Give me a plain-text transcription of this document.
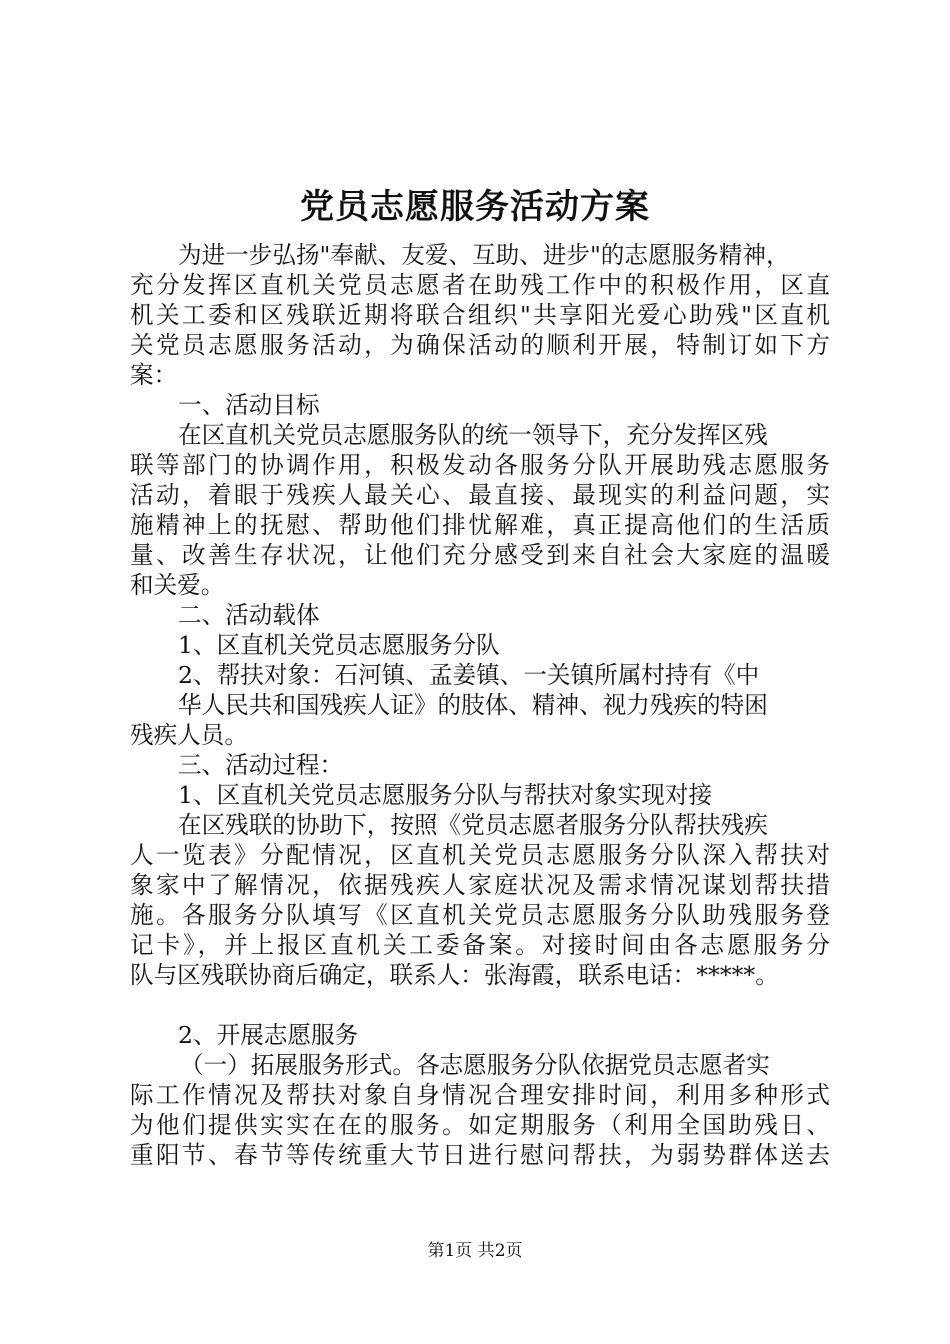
党员志愿服务活动方案
为进一步弘扬"奉献、友爱、互助、进步"的志愿服务精神，
充分发挥区直机关党员志愿者在助残工作中的积极作用，区直
机关工委和区残联近期将联合组织"共享阳光爱心助残"区直机
关党员志愿服务活动，为确保活动的顺利开展，特制订如下方
案：
一、活动目标
在区直机关党员志愿服务队的统一领导下，充分发挥区残
联等部门的协调作用，积极发动各服务分队开展助残志愿服务
活动，着眼于残疾人最关心、最直接、最现实的利益问题，实
施精神上的抚慰、帮助他们排忧解难，真正提高他们的生活质
量、改善生存状况，让他们充分感受到来自社会大家庭的温暖
和关爱。
二、活动载体
1、区直机关党员志愿服务分队
2、帮扶对象：石河镇、孟姜镇、一关镇所属村持有《中
华人民共和国残疾人证》的肢体、精神、视力残疾的特困
残疾人员。
三、活动过程：
1、区直机关党员志愿服务分队与帮扶对象实现对接
在区残联的协助下，按照《党员志愿者服务分队帮扶残疾
人一览表》分配情况，区直机关党员志愿服务分队深入帮扶对
象家中了解情况，依据残疾人家庭状况及需求情况谋划帮扶措
施。各服务分队填写《区直机关党员志愿服务分队助残服务登
记卡》，并上报区直机关工委备案。对接时间由各志愿服务分
队与区残联协商后确定，联系人：张海霞，联系电话：*****。
2、开展志愿服务
（一）拓展服务形式。各志愿服务分队依据党员志愿者实
际工作情况及帮扶对象自身情况合理安排时间，利用多种形式
为他们提供实实在在的服务。如定期服务（利用全国助残日、
重阳节、春节等传统重大节日进行慰问帮扶，为弱势群体送去
第1页 共2页
